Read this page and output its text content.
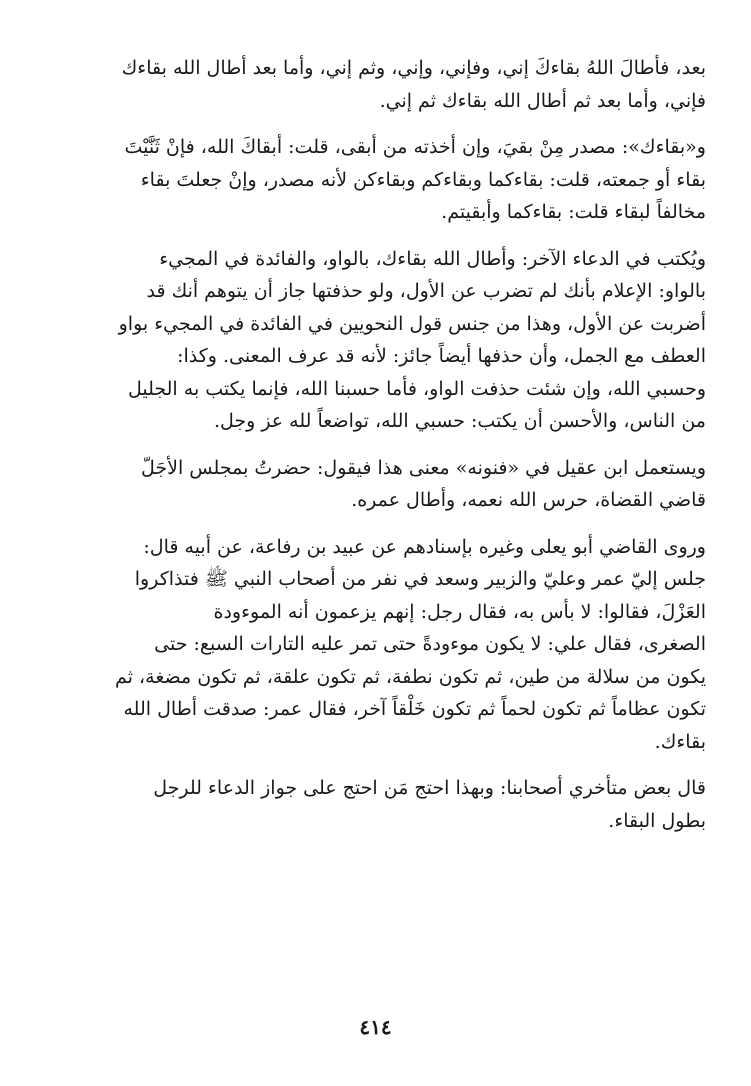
بعد، فأطالَ اللهُ بقاءكَ إني، وفإني، وإني، وثم إني، وأما بعد أطال الله بقاءك
فإني، وأما بعد ثم أطال الله بقاءك ثم إني.

و«بقاءك»: مصدر مِنْ بقيَ، وإن أخذته من أبقى، قلت: أبقاكَ الله، فإنْ ثَنَّيْتَ
بقاء أو جمعته، قلت: بقاءكما وبقاءكم وبقاءكن لأنه مصدر، وإنْ جعلتَ بقاء
مخالفاً لبقاء قلت: بقاءكما وأبقيتم.

ويُكتب في الدعاء الآخر: وأطال الله بقاءك، بالواو، والفائدة في المجيء
بالواو: الإعلام بأنك لم تضرب عن الأول، ولو حذفتها جاز أن يتوهم أنك قد
أضربت عن الأول، وهذا من جنس قول النحويين في الفائدة في المجيء بواو
العطف مع الجمل، وأن حذفها أيضاً جائز: لأنه قد عرف المعنى. وكذا:
وحسبي الله، وإن شئت حذفت الواو، فأما حسبنا الله، فإنما يكتب به الجليل
من الناس، والأحسن أن يكتب: حسبي الله، تواضعاً لله عز وجل.

ويستعمل ابن عقيل في «فنونه» معنى هذا فيقول: حضرتُ بمجلس الأجَلّ
قاضي القضاة، حرس الله نعمه، وأطال عمره.

وروى القاضي أبو يعلى وغيره بإسنادهم عن عبيد بن رفاعة، عن أبيه قال:
جلس إليّ عمر وعليّ والزبير وسعد في نفر من أصحاب النبي ﷺ فتذاكروا
العَزْلَ، فقالوا: لا بأس به، فقال رجل: إنهم يزعمون أنه الموءودة
الصغرى، فقال علي: لا يكون موءودةً حتى تمر عليه التارات السبع: حتى
يكون من سلالة من طين، ثم تكون نطفة، ثم تكون علقة، ثم تكون مضغة، ثم
تكون عظاماً ثم تكون لحماً ثم تكون خَلْقاً آخر، فقال عمر: صدقت أطال الله
بقاءك.

قال بعض متأخري أصحابنا: وبهذا احتج مَن احتج على جواز الدعاء للرجل
بطول البقاء.

٤١٤
